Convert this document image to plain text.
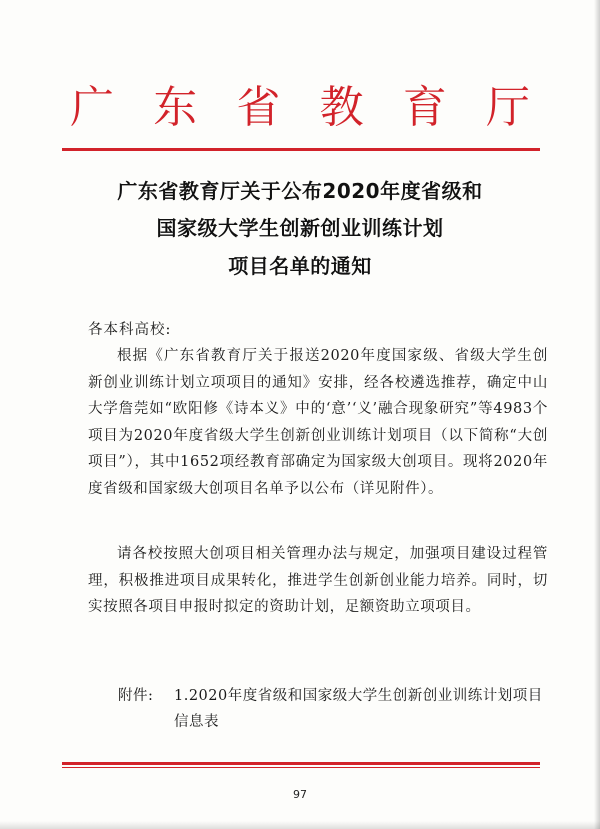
广 东 省 教 育 厅
广东省教育厅关于公布2020年度省级和
国家级大学生创新创业训练计划
项目名单的通知
各本科高校:
根据《广东省教育厅关于报送2020年度国家级、省级大学生创新创业训练计划立项项目的通知》安排，经各校遴选推荐，确定中山大学詹莞如“欧阳修《诗本义》中的‘意’‘义’融合现象研究”等4983个项目为2020年度省级大学生创新创业训练计划项目（以下简称“大创项目”），其中1652项经教育部确定为国家级大创项目。现将2020年度省级和国家级大创项目名单予以公布（详见附件）。
请各校按照大创项目相关管理办法与规定，加强项目建设过程管理，积极推进项目成果转化，推进学生创新创业能力培养。同时，切实按照各项目申报时拟定的资助计划，足额资助立项项目。
附件: 1.2020年度省级和国家级大学生创新创业训练计划项目信息表
97
